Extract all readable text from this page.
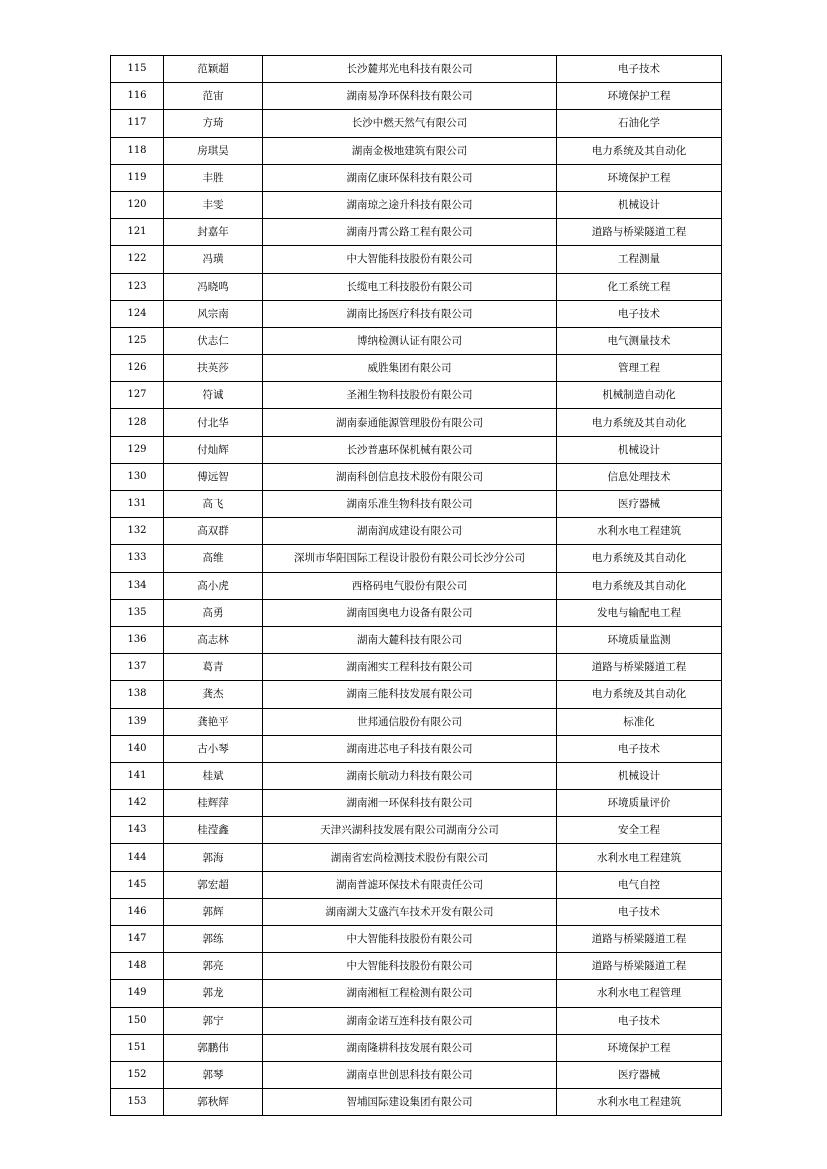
115	范颖超	长沙麓邦光电科技有限公司	电子技术
116	范宙	湖南易净环保科技有限公司	环境保护工程
117	方琦	长沙中燃天然气有限公司	石油化学
118	房琪昊	湖南金极地建筑有限公司	电力系统及其自动化
119	丰胜	湖南亿康环保科技有限公司	环境保护工程
120	丰雯	湖南琼之途升科技有限公司	机械设计
121	封嘉年	湖南丹霄公路工程有限公司	道路与桥梁隧道工程
122	冯璜	中大智能科技股份有限公司	工程测量
123	冯晓鸣	长缆电工科技股份有限公司	化工系统工程
124	风宗南	湖南比扬医疗科技有限公司	电子技术
125	伏志仁	博纳检测认证有限公司	电气测量技术
126	扶英莎	威胜集团有限公司	管理工程
127	符诚	圣湘生物科技股份有限公司	机械制造自动化
128	付北华	湖南泰通能源管理股份有限公司	电力系统及其自动化
129	付灿辉	长沙普惠环保机械有限公司	机械设计
130	傅远智	湖南科创信息技术股份有限公司	信息处理技术
131	高飞	湖南乐准生物科技有限公司	医疗器械
132	高双群	湖南润成建设有限公司	水利水电工程建筑
133	高维	深圳市华阳国际工程设计股份有限公司长沙分公司	电力系统及其自动化
134	高小虎	西格码电气股份有限公司	电力系统及其自动化
135	高勇	湖南国奥电力设备有限公司	发电与输配电工程
136	高志林	湖南大麓科技有限公司	环境质量监测
137	葛青	湖南湘实工程科技有限公司	道路与桥梁隧道工程
138	龚杰	湖南三能科技发展有限公司	电力系统及其自动化
139	龚艳平	世邦通信股份有限公司	标准化
140	古小琴	湖南进芯电子科技有限公司	电子技术
141	桂斌	湖南长航动力科技有限公司	机械设计
142	桂辉萍	湖南湘一环保科技有限公司	环境质量评价
143	桂滢鑫	天津兴湖科技发展有限公司湖南分公司	安全工程
144	郭海	湖南省宏尚检测技术股份有限公司	水利水电工程建筑
145	郭宏超	湖南普滤环保技术有限责任公司	电气自控
146	郭辉	湖南湖大艾盛汽车技术开发有限公司	电子技术
147	郭练	中大智能科技股份有限公司	道路与桥梁隧道工程
148	郭亮	中大智能科技股份有限公司	道路与桥梁隧道工程
149	郭龙	湖南湘桓工程检测有限公司	水利水电工程管理
150	郭宁	湖南金诺互连科技有限公司	电子技术
151	郭鹏伟	湖南隆耕科技发展有限公司	环境保护工程
152	郭琴	湖南卓世创思科技有限公司	医疗器械
153	郭秋辉	智埔国际建设集团有限公司	水利水电工程建筑
